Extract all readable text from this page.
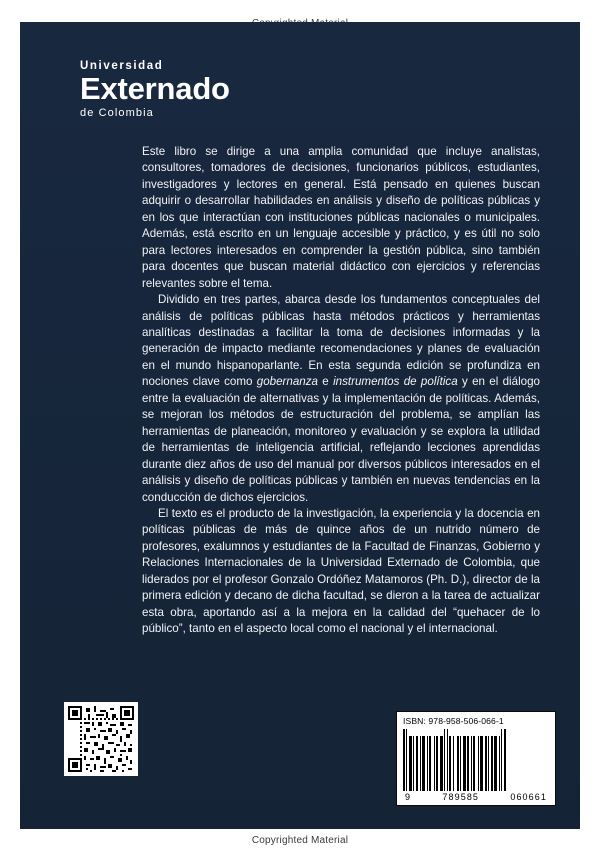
Universidad
Externado
de Colombia

Este libro se dirige a una amplia comunidad que incluye analistas, consultores, tomadores de decisiones, funcionarios públicos, estudiantes, investigadores y lectores en general. Está pensado en quienes buscan adquirir o desarrollar habilidades en análisis y diseño de políticas públicas y en los que interactúan con instituciones públicas nacionales o municipales. Además, está escrito en un lenguaje accesible y práctico, y es útil no solo para lectores interesados en comprender la gestión pública, sino también para docentes que buscan material didáctico con ejercicios y referencias relevantes sobre el tema.

Dividido en tres partes, abarca desde los fundamentos conceptuales del análisis de políticas públicas hasta métodos prácticos y herramientas analíticas destinadas a facilitar la toma de decisiones informadas y la generación de impacto mediante recomendaciones y planes de evaluación en el mundo hispanoparlante. En esta segunda edición se profundiza en nociones clave como gobernanza e instrumentos de política y en el diálogo entre la evaluación de alternativas y la implementación de políticas. Además, se mejoran los métodos de estructuración del problema, se amplían las herramientas de planeación, monitoreo y evaluación y se explora la utilidad de herramientas de inteligencia artificial, reflejando lecciones aprendidas durante diez años de uso del manual por diversos públicos interesados en el análisis y diseño de políticas públicas y también en nuevas tendencias en la conducción de dichos ejercicios.

El texto es el producto de la investigación, la experiencia y la docencia en políticas públicas de más de quince años de un nutrido número de profesores, exalumnos y estudiantes de la Facultad de Finanzas, Gobierno y Relaciones Internacionales de la Universidad Externado de Colombia, que liderados por el profesor Gonzalo Ordóñez Matamoros (Ph. D.), director de la primera edición y decano de dicha facultad, se dieron a la tarea de actualizar esta obra, aportando así a la mejora en la calidad del “quehacer de lo público”, tanto en el aspecto local como el nacional y el internacional.

ISBN: 978-958-506-066-1
9	789585	060661
Copyrighted Material
